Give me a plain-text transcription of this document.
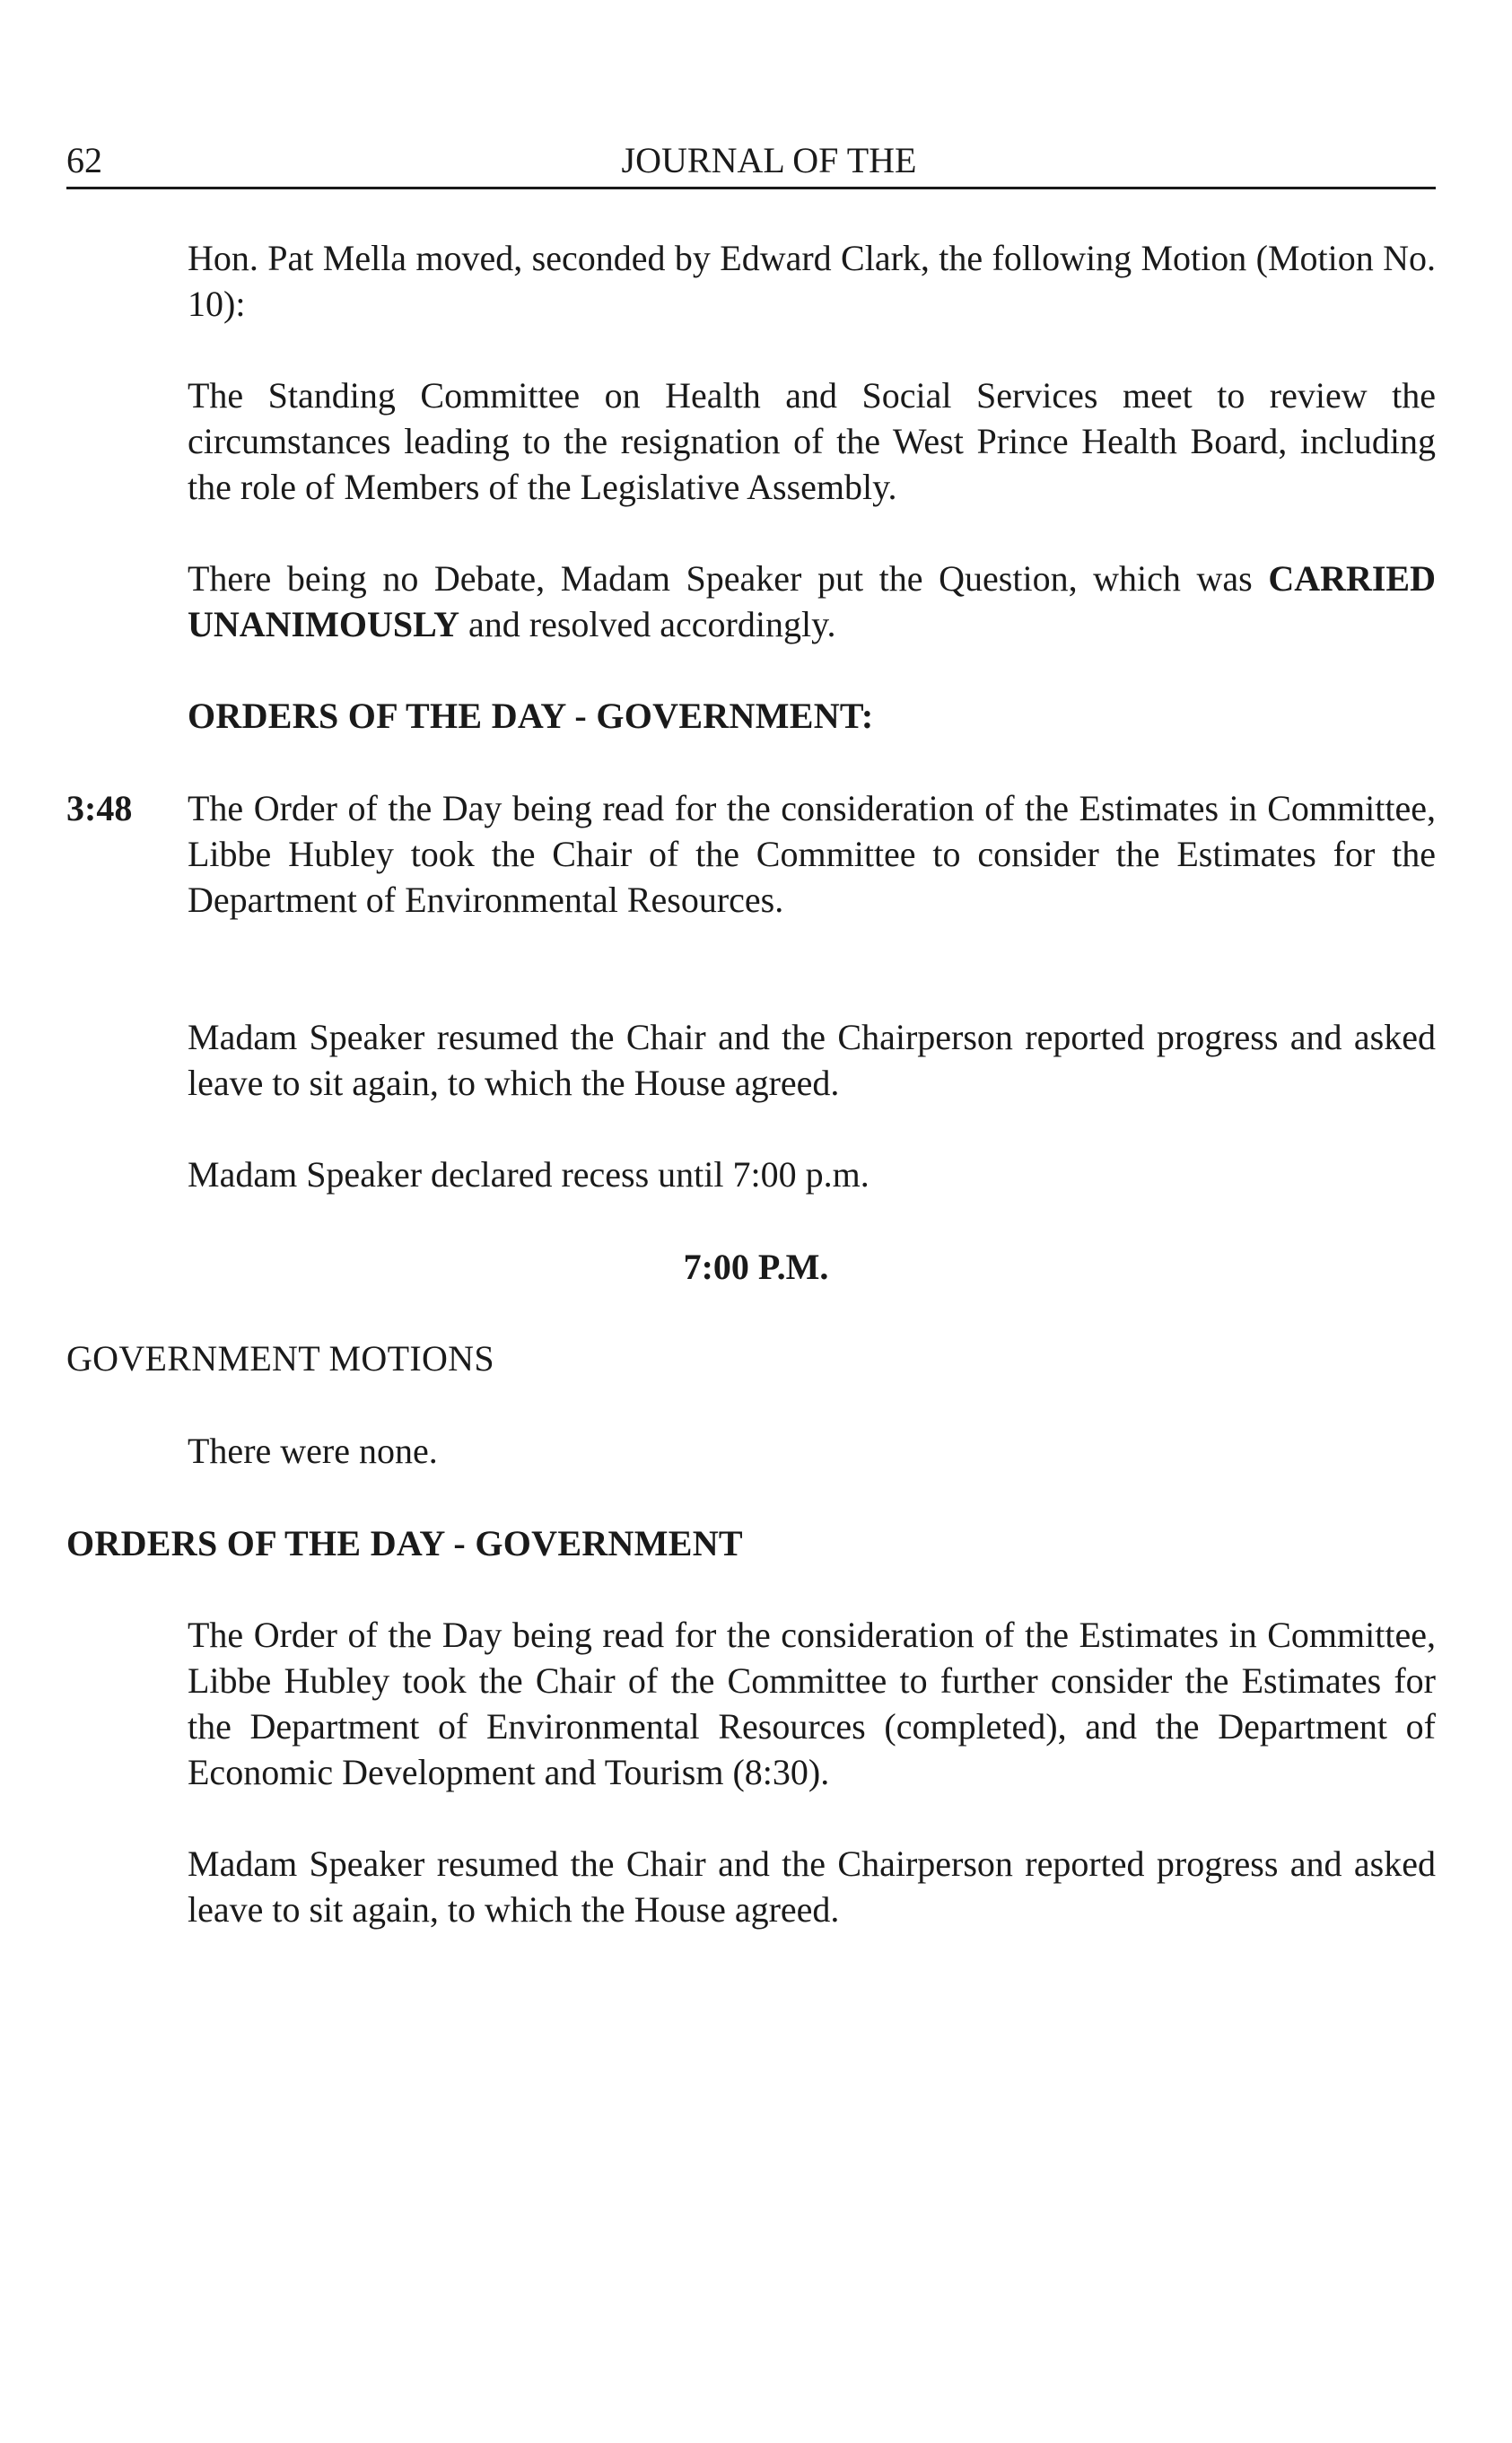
62	JOURNAL OF THE

Hon. Pat Mella moved, seconded by Edward Clark, the following Motion (Motion No. 10):

The Standing Committee on Health and Social Services meet to review the circumstances leading to the resignation of the West Prince Health Board, including the role of Members of the Legislative Assembly.

There being no Debate, Madam Speaker put the Question, which was CARRIED UNANIMOUSLY and resolved accordingly.

ORDERS OF THE DAY - GOVERNMENT:
3:48 The Order of the Day being read for the consideration of the Estimates in Committee, Libbe Hubley took the Chair of the Committee to consider the Estimates for the Department of Environmental Resources.

Madam Speaker resumed the Chair and the Chairperson reported progress and asked leave to sit again, to which the House agreed.

Madam Speaker declared recess until 7:00 p.m.

7:00 P.M.
GOVERNMENT MOTIONS

There were none.

ORDERS OF THE DAY - GOVERNMENT

The Order of the Day being read for the consideration of the Estimates in Committee, Libbe Hubley took the Chair of the Committee to further consider the Estimates for the Department of Environmental Resources (completed), and the Department of Economic Development and Tourism (8:30).

Madam Speaker resumed the Chair and the Chairperson reported progress and asked leave to sit again, to which the House agreed.
